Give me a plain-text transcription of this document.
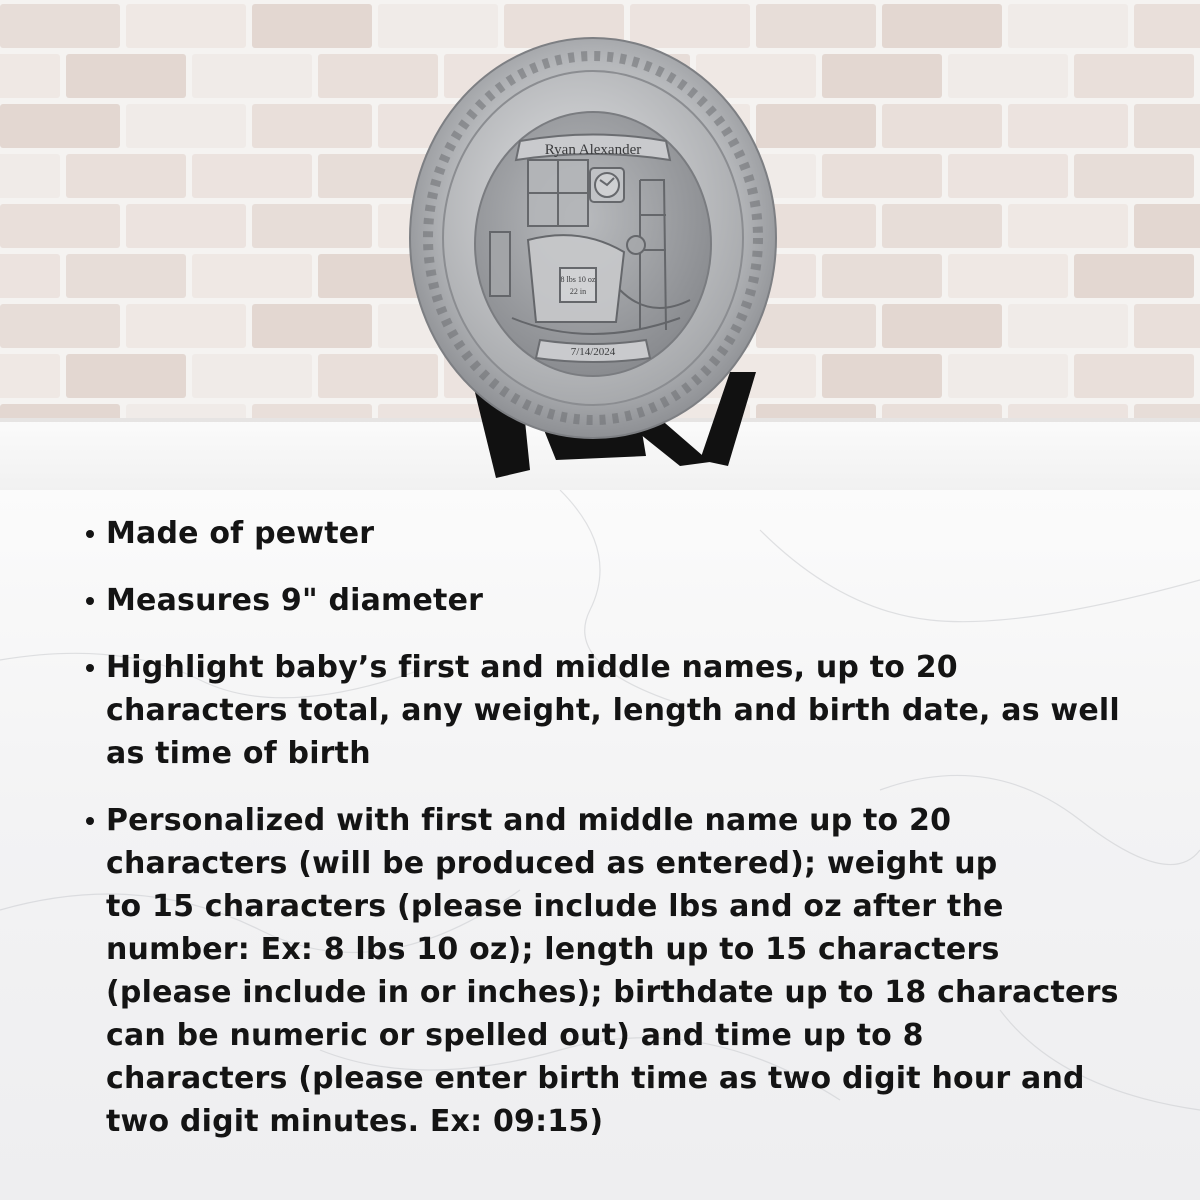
Ryan Alexander
8 lbs 10 oz
22 in
7/14/2024
Made of pewter
Measures 9" diameter
Highlight baby’s first and middle names, up to 20
characters total, any weight, length and birth date, as well
as time of birth
Personalized with first and middle name up to 20
characters (will be produced as entered); weight up
to 15 characters (please include lbs and oz after the
number: Ex: 8 lbs 10 oz); length up to 15 characters
(please include in or inches); birthdate up to 18 characters
can be numeric or spelled out) and time up to 8
characters (please enter birth time as two digit hour and
two digit minutes. Ex: 09:15)
